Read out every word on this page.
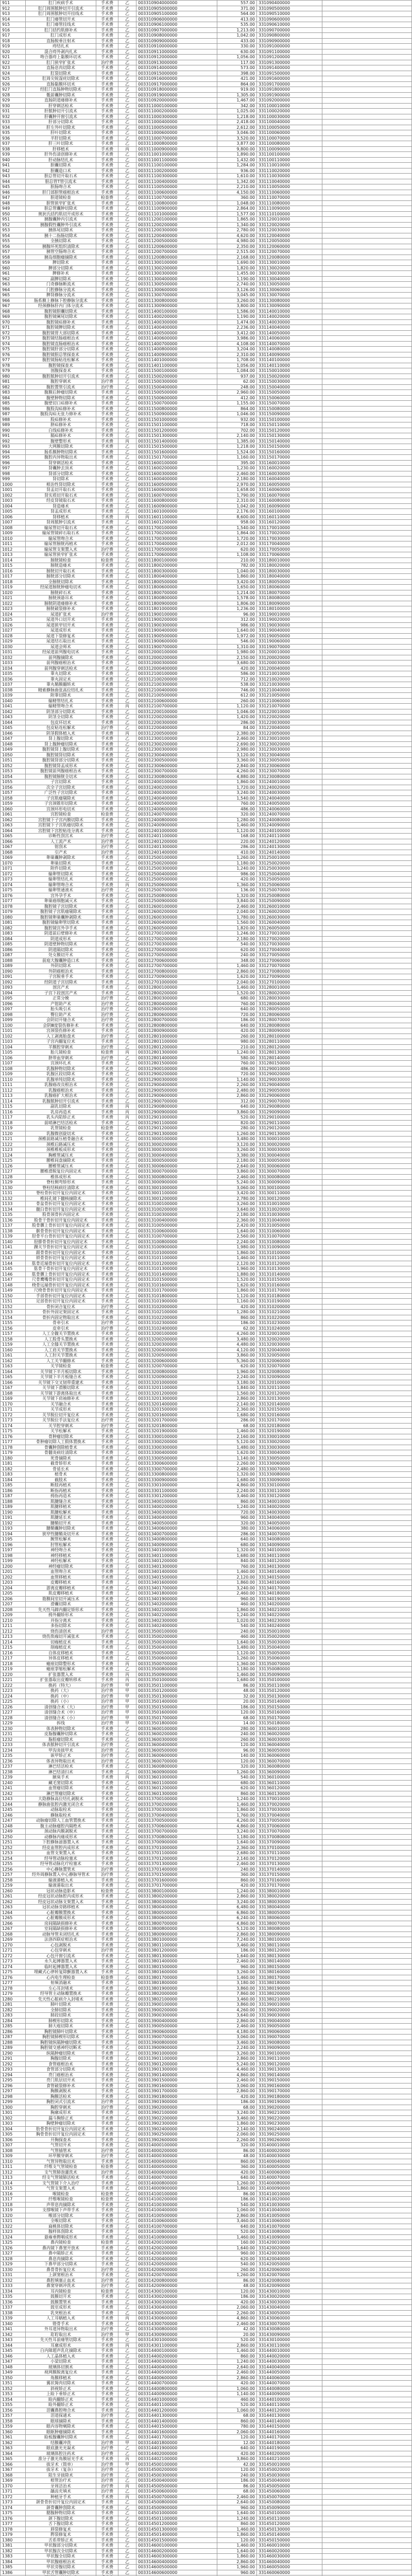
911	肛门疾病手术	手术费	乙	003310904000000	557.00	331090400000	
912	肛门周围脓肿切开引流术	手术费	乙	003310905000000	371.00	331090500000	
913	肛门周围脓肿切开挂线术	手术费	乙	003310905100000	564.00	331090510000	
914	肛门瘘管切开术	手术费	乙	003310906000000	413.00	331090600000	
915	肛门瘘管挂线术	手术费	乙	003310906100000	535.00	331090610000	
916	肛门括约肌修补术	手术费	乙	003310907000000	1,213.00	331090700000	
917	肛门成形术	手术费	乙	003310908000000	1,042.00	331090800000	
918	直肠脱垂注射术	手术费	乙	003310909000000	433.00	331090900000	
919	痔结扎术	手术费	乙	003310910000000	330.00	331091000000	
920	混合痔外剥内扎术	手术费	乙	003310911000000	630.00	331091100000	
921	吻合器痔上黏膜环切术	手术费	乙	003310912000000	1,056.00	331091200000	
922	肛门狭窄扩张术	治疗费	乙	003310913000000	117.00	331091300000	
923	直肠息肉切除术	手术费	乙	003310914000000	573.00	331091400000	
924	肛裂切除术	手术费	乙	003310915000000	398.00	331091500000	
925	肛周尖锐湿疣切除术	手术费	乙	003310916000000	421.00	331091600000	
926	直肠黏膜环切术	手术费	乙	003310917000000	864.00	331091700000	
927	经肛门直肠肿物切除术	手术费	乙	003310918000000	919.00	331091800000	
928	骶前囊肿切除术	手术费	乙	003310919000000	1,305.00	331091900000	
929	直肠阴道瘘修补术	手术费	乙	003310920000000	1,467.00	331092000000	
930	肝穿刺活检术	手术费	乙	003311000100000	342.00	331100010000	
931	肝脓肿切开引流术	手术费	乙	003311000200000	1,025.00	331100020000	
932	肝囊肿开窗引流术	手术费	乙	003311000300000	1,218.00	331100030000	
933	肝部分切除术	手术费	乙	003311000400000	2,418.00	331100040000	
934	肝左外叶切除术	手术费	乙	003311000500000	2,612.00	331100050000	
935	肝叶切除术	手术费	乙	003311000600000	3,046.00	331100060000	
936	半肝切除术	手术费	乙	003311000700000	3,520.00	331100070000	
937	肝三叶切除术	手术费	乙	003311000800000	3,877.00	331100080000	
938	肝移植术	手术费	丙	003311000900000	9,800.00	331100090000	
939	肝外伤清创修补术	手术费	乙	003311001000000	1,890.00	331100100000	
940	肝动脉结扎术	手术费	乙	003311001100000	1,432.00	331100110000	
941	胆囊切除术	手术费	乙	003311100100000	1,284.00	331110010000	
942	胆囊造口术	手术费	乙	003311100200000	936.00	331110020000	
943	胆总管切开取石术	手术费	乙	003311100300000	1,610.00	331110030000	
944	胆总管T管引流术	手术费	乙	003311100400000	1,342.00	331110040000	
945	胆肠吻合术	手术费	乙	003311100500000	2,210.00	331110050000	
946	肝门部胆管癌根治术	手术费	乙	003311100600000	4,150.00	331110060000	
947	胆道镜检查	检查费	乙	003311100700000	360.00	331110070000	
948	胆管狭窄扩张术	手术费	乙	003311100800000	1,048.00	331110080000	
949	胆总管囊肿切除术	手术费	乙	003311100900000	2,864.00	331110090000	
950	奥狄氏括约肌切开成形术	手术费	乙	003311101000000	1,577.00	331110100000	
951	胰腺囊肿内引流术	手术费	乙	003311200100000	1,865.00	331120010000	
952	胰腺假性囊肿外引流术	手术费	乙	003311200200000	1,340.00	331120020000	
953	胰体尾切除术	手术费	乙	003311200300000	2,780.00	331120030000	
954	胰十二指肠切除术	手术费	乙	003311200400000	4,620.00	331120040000	
955	全胰切除术	手术费	乙	003311200500000	4,980.00	331120050000	
956	胰腺坏死组织清除术	手术费	乙	003311200600000	2,350.00	331120060000	
957	胰管空肠吻合术	手术费	乙	003311200700000	2,515.00	331120070000	
958	胰岛细胞瘤摘除术	手术费	乙	003311200800000	2,168.00	331120080000	
959	脾切除术	手术费	乙	003311300100000	1,690.00	331130010000	
960	脾部分切除术	手术费	乙	003311300200000	1,820.00	331130020000	
961	脾修补术	手术费	乙	003311300300000	1,455.00	331130030000	
962	副脾切除术	手术费	乙	003311300400000	1,190.00	331130040000	
963	门奇静脉断流术	手术费	乙	003311300500000	2,740.00	331130050000	
964	门腔静脉分流术	手术费	乙	003311300600000	3,126.00	331130060000	
965	脾肾静脉分流术	手术费	乙	003311300700000	3,045.00	331130070000	
966	肠系膜上静脉下腔静脉分流术	手术费	乙	003311300800000	3,260.00	331130080000	
967	经颈静脉肝内门体分流术	手术费	乙	003311300900000	3,800.00	331130090000	
968	腹腔镜胆囊切除术	手术费	乙	003311400100000	1,586.00	331140010000	
969	腹腔镜阑尾切除术	手术费	乙	003311400200000	1,190.00	331140020000	
970	腹腔镜疝修补术	手术费	乙	003311400300000	1,474.00	331140030000	
971	腹腔镜脾切除术	手术费	乙	003311400400000	2,236.00	331140040000	
972	腹腔镜胃大部切除术	手术费	乙	003311400500000	3,412.00	331140050000	
973	腹腔镜结肠癌根治术	手术费	乙	003311400600000	3,986.00	331140060000	
974	腹腔镜直肠癌根治术	手术费	乙	003311400700000	4,108.00	331140070000	
975	腹腔镜肝部分切除术	手术费	乙	003311400800000	3,204.00	331140080000	
976	腹腔镜胆总管探查术	手术费	乙	003311400900000	2,310.00	331140090000	
977	腹腔镜肠粘连松解术	手术费	乙	003311401000000	1,708.00	331140100000	
978	腹腔镜探查术	手术费	乙	003311401100000	1,056.00	331140110000	
979	剖腹探查术	手术费	乙	003311500100000	1,084.00	331150010000	
980	腹腔脓肿切开引流术	手术费	乙	003311500200000	937.00	331150020000	
981	腹腔穿刺术	治疗费	乙	003311500300000	62.00	331150030000	
982	腹腔置管引流术	治疗费	乙	003311500400000	248.00	331150040000	
983	腹膜后肿瘤切除术	手术费	乙	003311500500000	2,960.00	331150050000	
984	腹壁肿物切除术	手术费	乙	003311500600000	412.00	331150060000	
985	腹壁切口疝修补术	手术费	乙	003311500700000	1,155.00	331150070000	
986	腹股沟疝修补术	手术费	乙	003311500800000	864.00	331150080000	
987	腹股沟疝无张力修补术	手术费	乙	003311500900000	1,046.00	331150090000	
988	股疝修补术	手术费	乙	003311501000000	932.00	331150100000	
989	脐疝修补术	手术费	乙	003311501100000	718.00	331150110000	
990	白线疝修补术	手术费	乙	003311501200000	702.00	331150120000	
991	膈疝修补术	手术费	乙	003311501300000	2,140.00	331150130000	
992	腹壁整形术	手术费	丙	003311501400000	1,385.00	331150140000	
993	大网膜切除术	手术费	乙	003311501500000	1,218.00	331150150000	
994	肠系膜肿物切除术	手术费	乙	003311501600000	1,524.00	331150160000	
995	腹腔内异物取出术	手术费	乙	003311501700000	1,160.00	331150170000	
996	肾穿刺活检术	手术费	乙	003311600100000	395.00	331160010000	
997	肾囊肿去顶术	手术费	乙	003311600200000	1,230.00	331160020000	
998	肾部分切除术	手术费	乙	003311600300000	2,460.00	331160030000	
999	肾切除术	手术费	乙	003311600400000	2,180.00	331160040000	
1000	根治性肾切除术	手术费	乙	003311600500000	2,970.00	331160050000	
1001	肾盂切开取石术	手术费	乙	003311600600000	1,658.00	331160060000	
1002	肾实质切开取石术	手术费	乙	003311600700000	1,790.00	331160070000	
1003	经皮肾镜取石术	手术费	乙	003311600800000	2,310.00	331160080000	
1004	肾造瘘术	手术费	乙	003311600900000	1,042.00	331160090000	
1005	肾盂成形术	手术费	乙	003311601000000	2,176.00	331160100000	
1006	肾移植术	手术费	丙	003311601100000	8,600.00	331160110000	
1007	肾周脓肿引流术	手术费	乙	003311601200000	958.00	331160120000	
1008	输尿管切开取石术	手术费	乙	003311700100000	1,540.00	331170010000	
1009	输尿管镜碎石取石术	手术费	乙	003311700200000	1,864.00	331170020000	
1010	输尿管吻合术	手术费	乙	003311700300000	1,720.00	331170030000	
1011	输尿管膀胱再植术	手术费	乙	003311700400000	2,012.00	331170040000	
1012	输尿管支架置入术	治疗费	乙	003311700500000	620.00	331170050000	
1013	输尿管狭窄扩张术	手术费	乙	003311700600000	1,108.00	331170060000	
1014	膀胱镜检查	检查费	乙	003311800100000	210.00	331180010000	
1015	膀胱造瘘术	手术费	乙	003311800200000	782.00	331180020000	
1016	膀胱切开取石术	手术费	乙	003311800300000	1,040.00	331180030000	
1017	膀胱部分切除术	手术费	乙	003311800400000	1,860.00	331180040000	
1018	全膀胱切除术	手术费	乙	003311800500000	3,420.00	331180050000	
1019	经尿道膀胱肿瘤电切术	手术费	乙	003311800600000	1,650.00	331180060000	
1020	膀胱碎石术	手术费	乙	003311800700000	1,214.00	331180070000	
1021	膀胱颈悬吊术	手术费	乙	003311800800000	1,578.00	331180080000	
1022	膀胱阴道瘘修补术	手术费	乙	003311800900000	1,806.00	331180090000	
1023	膀胱破裂修补术	手术费	乙	003311801000000	1,236.00	331180100000	
1024	尿道扩张术	治疗费	乙	003311900100000	96.00	331190010000	
1025	尿道外口切开术	手术费	乙	003311900200000	312.00	331190020000	
1026	尿道狭窄切开术	手术费	乙	003311900300000	986.00	331190030000	
1027	尿道成形术	手术费	乙	003311900400000	1,640.00	331190040000	
1028	尿道下裂修复术	手术费	乙	003311900500000	1,972.00	331190050000	
1029	尿道结石取出术	手术费	乙	003311900600000	546.00	331190060000	
1030	尿道会师术	手术费	乙	003311900700000	1,310.00	331190070000	
1031	经尿道前列腺电切术	手术费	乙	003312000100000	1,980.00	331200010000	
1032	前列腺摘除术	手术费	乙	003312000200000	2,150.00	331200020000	
1033	前列腺癌根治术	手术费	乙	003312000300000	3,680.00	331200030000	
1034	前列腺穿刺活检术	手术费	乙	003312000400000	420.00	331200040000	
1035	睾丸切除术	手术费	乙	003312100100000	586.00	331210010000	
1036	睾丸固定术	手术费	乙	003312100200000	712.00	331210020000	
1037	睾丸鞘膜翻转术	手术费	乙	003312100300000	538.00	331210030000	
1038	精索静脉曲张高位结扎术	手术费	乙	003312100400000	746.00	331210040000	
1039	附睾切除术	手术费	乙	003312100500000	612.00	331210050000	
1040	输精管结扎术	手术费	乙	003312100600000	260.00	331210060000	
1041	输精管吻合术	手术费	丙	003312100700000	1,120.00	331210070000	
1042	阴茎部分切除术	手术费	乙	003312200100000	1,046.00	331220010000	
1043	阴茎全切除术	手术费	乙	003312200200000	1,420.00	331220020000	
1044	包皮环切术	手术费	乙	003312200300000	286.00	331220030000	
1045	包皮粘连松解术	治疗费	乙	003312200400000	84.00	331220040000	
1046	阴茎假体植入术	手术费	丙	003312200500000	2,380.00	331220050000	
1047	肾上腺切除术	手术费	乙	003312300100000	2,460.00	331230010000	
1048	肾上腺肿瘤切除术	手术费	乙	003312300200000	2,690.00	331230020000	
1049	腹腔镜肾上腺切除术	手术费	乙	003312300300000	2,980.00	331230030000	
1050	腹腔镜肾切除术	手术费	乙	003312300400000	3,120.00	331230040000	
1051	腹腔镜肾部分切除术	手术费	乙	003312300500000	3,360.00	331230050000	
1052	腹腔镜肾盂成形术	手术费	乙	003312300600000	2,840.00	331230060000	
1053	腹腔镜前列腺癌根治术	手术费	乙	003312300700000	4,260.00	331230070000	
1054	腹腔镜膀胱全切术	手术费	乙	003312300800000	4,880.00	331230080000	
1055	子宫切除术	手术费	乙	003312400100000	1,860.00	331240010000	
1056	次全子宫切除术	手术费	乙	003312400200000	1,720.00	331240020000	
1057	广泛性子宫切除术	手术费	乙	003312400300000	3,240.00	331240030000	
1058	子宫肌瘤剔除术	手术费	乙	003312400400000	1,540.00	331240040000	
1059	子宫颈锥形切除术	手术费	乙	003312400500000	760.00	331240050000	
1060	宫颈环形电切术	手术费	乙	003312400600000	486.00	331240060000	
1061	宫腔镜检查	检查费	乙	003312400700000	320.00	331240070000	
1062	宫腔镜下子宫内膜切除术	手术费	乙	003312400800000	1,280.00	331240080000	
1063	宫腔镜下子宫肌瘤切除术	手术费	乙	003312400900000	1,460.00	331240090000	
1064	宫腔镜下宫腔粘连分离术	手术费	乙	003312401000000	1,120.00	331240100000	
1065	诊断性刮宫术	治疗费	乙	003312401100000	168.00	331240110000	
1066	人工流产术	治疗费	乙	003312401200000	220.00	331240120000	
1067	钳刮术	治疗费	乙	003312401300000	286.00	331240130000	
1068	引产术	治疗费	乙	003312401400000	410.00	331240140000	
1069	卵巢囊肿剥除术	手术费	乙	003312500100000	1,260.00	331250010000	
1070	卵巢切除术	手术费	乙	003312500200000	1,180.00	331250020000	
1071	附件切除术	手术费	乙	003312500300000	1,240.00	331250030000	
1072	输卵管切除术	手术费	乙	003312500400000	986.00	331250040000	
1073	输卵管结扎术	手术费	乙	003312500500000	420.00	331250050000	
1074	输卵管吻合术	手术费	丙	003312500600000	1,360.00	331250060000	
1075	输卵管通液术	治疗费	乙	003312500700000	136.00	331250070000	
1076	宫外孕手术	手术费	乙	003312500800000	1,320.00	331250080000	
1077	卵巢癌细胞减灭术	手术费	乙	003312500900000	3,840.00	331250090000	
1078	腹腔镜子宫切除术	手术费	乙	003312600100000	2,460.00	331260010000	
1079	腹腔镜子宫肌瘤剔除术	手术费	乙	003312600200000	2,040.00	331260020000	
1080	腹腔镜卵巢囊肿剥除术	手术费	乙	003312600300000	1,780.00	331260030000	
1081	腹腔镜输卵管切除术	手术费	乙	003312600400000	1,560.00	331260040000	
1082	腹腔镜宫外孕手术	手术费	乙	003312600500000	1,820.00	331260050000	
1083	阴道前后壁修补术	手术费	乙	003312700100000	1,246.00	331270010000	
1084	阴道成形术	手术费	乙	003312700200000	2,180.00	331270020000	
1085	阴道壁肿物切除术	手术费	乙	003312700300000	540.00	331270030000	
1086	阴道隔切除术	手术费	乙	003312700400000	620.00	331270040000	
1087	处女膜切开术	手术费	乙	003312700500000	240.00	331270050000	
1088	前庭大腺囊肿造口术	手术费	乙	003312700600000	348.00	331270060000	
1089	外阴切除术	手术费	乙	003312700700000	1,460.00	331270070000	
1090	外阴癌根治术	手术费	乙	003312700800000	2,860.00	331270080000	
1091	子宫脱垂手术	手术费	乙	003312700900000	1,620.00	331270090000	
1092	经阴道子宫切除术	手术费	乙	003312701000000	2,040.00	331270100000	
1093	剖宫产术	手术费	乙	003312800100000	1,460.00	331280010000	
1094	子宫下段剖宫产术	手术费	乙	003312800200000	1,520.00	331280020000	
1095	正常分娩	治疗费	乙	003312800300000	680.00	331280030000	
1096	产钳助产术	治疗费	乙	003312800400000	760.00	331280040000	
1097	胎头吸引术	治疗费	乙	003312800500000	640.00	331280050000	
1098	臀位助产术	治疗费	乙	003312800600000	720.00	331280060000	
1099	会阴切开缝合术	治疗费	乙	003312800700000	186.00	331280070000	
1100	会阴Ⅲ度裂伤修补术	手术费	乙	003312800800000	640.00	331280080000	
1101	宫颈裂伤修补术	手术费	乙	003312800900000	420.00	331280090000	
1102	人工剥离胎盘术	治疗费	乙	003312801000000	260.00	331280100000	
1103	子宫内翻复位术	手术费	乙	003312801100000	980.00	331280110000	
1104	羊膜腔穿刺术	治疗费	乙	003312801200000	210.00	331280120000	
1105	胎儿镜检查	检查费	丙	003312801300000	1,240.00	331280130000	
1106	脐带血穿刺术	治疗费	乙	003312801400000	580.00	331280140000	
1107	宫颈环扎术	手术费	乙	003312801500000	760.00	331280150000	
1108	乳腺肿物切除术	手术费	乙	003312900100000	486.00	331290010000	
1109	乳腺区段切除术	手术费	乙	003312900200000	720.00	331290020000	
1110	乳腺单纯切除术	手术费	乙	003312900300000	1,140.00	331290030000	
1111	乳腺癌改良根治术	手术费	乙	003312900400000	2,260.00	331290040000	
1112	乳腺癌根治术	手术费	乙	003312900500000	2,480.00	331290050000	
1113	乳腺癌扩大根治术	手术费	乙	003312900600000	2,860.00	331290060000	
1114	乳腺脓肿切开引流术	手术费	乙	003312900700000	312.00	331290070000	
1115	副乳切除术	手术费	丙	003312900800000	640.00	331290080000	
1116	乳房再造术	手术费	丙	003312900900000	3,860.00	331290090000	
1117	乳头内陷矫正术	手术费	丙	003312901000000	520.00	331290100000	
1118	前哨淋巴结活检术	手术费	乙	003312901100000	820.00	331290110000	
1119	乳管镜检查	检查费	乙	003312901200000	280.00	331290120000	
1120	乳腺微创旋切术	手术费	乙	003312901300000	1,260.00	331290130000	
1121	颈椎前路减压植骨融合术	手术费	乙	003313000100000	3,480.00	331300010000	
1122	颈椎后路减压术	手术费	乙	003313000200000	3,120.00	331300020000	
1123	颈椎椎板成形术	手术费	乙	003313000300000	3,260.00	331300030000	
1124	胸椎管减压术	手术费	乙	003313000400000	3,380.00	331300040000	
1125	腰椎间盘摘除术	手术费	乙	003313000500000	2,180.00	331300050000	
1126	腰椎管减压术	手术费	乙	003313000600000	2,640.00	331300060000	
1127	腰椎滑脱复位内固定术	手术费	乙	003313000700000	3,860.00	331300070000	
1128	椎体成形术	手术费	乙	003313000800000	2,460.00	331300080000	
1129	脊柱侧弯矫形术	手术费	乙	003313000900000	5,240.00	331300090000	
1130	脊柱结核病灶清除术	手术费	乙	003313001000000	3,060.00	331300100000	
1131	脊柱骨折切开复位内固定术	手术费	乙	003313001100000	3,420.00	331300110000	
1132	椎间孔镜下髓核摘除术	手术费	乙	003313001200000	2,780.00	331300120000	
1133	骨盆骨折切开复位内固定术	手术费	乙	003313100100000	3,260.00	331310010000	
1134	髋臼骨折切开复位内固定术	手术费	乙	003313100200000	3,640.00	331310020000	
1135	股骨颈骨折内固定术	手术费	乙	003313100300000	2,180.00	331310030000	
1136	股骨干骨折切开复位内固定术	手术费	乙	003313100400000	2,360.00	331310040000	
1137	股骨髁上骨折切开复位内固定术	手术费	乙	003313100500000	2,420.00	331310050000	
1138	髌骨骨折切开复位内固定术	手术费	乙	003313100600000	1,640.00	331310060000	
1139	胫骨平台骨折切开复位内固定术	手术费	乙	003313100700000	2,560.00	331310070000	
1140	胫腓骨骨折切开复位内固定术	手术费	乙	003313100800000	2,240.00	331310080000	
1141	踝关节骨折切开复位内固定术	手术费	乙	003313100900000	1,980.00	331310090000	
1142	跟骨骨折切开复位内固定术	手术费	乙	003313101000000	1,860.00	331310100000	
1143	锁骨骨折切开复位内固定术	手术费	乙	003313101100000	1,460.00	331310110000	
1144	肱骨近端骨折切开复位内固定术	手术费	乙	003313101200000	2,120.00	331310120000	
1145	肱骨干骨折切开复位内固定术	手术费	乙	003313101300000	1,960.00	331310130000	
1146	肱骨髁上骨折切开复位内固定术	手术费	乙	003313101400000	1,880.00	331310140000	
1147	尺骨鹰嘴骨折切开复位内固定术	手术费	乙	003313101500000	1,520.00	331310150000	
1148	桡骨远端骨折切开复位内固定术	手术费	乙	003313101600000	1,620.00	331310160000	
1149	尺桡骨骨折切开复位内固定术	手术费	乙	003313101700000	1,860.00	331310170000	
1150	手部骨折切开复位内固定术	手术费	乙	003313101800000	1,120.00	331310180000	
1151	足部骨折切开复位内固定术	手术费	乙	003313101900000	1,160.00	331310190000	
1152	骨折闭合复位术	治疗费	乙	003313102000000	420.00	331310200000	
1153	骨折外固定架固定术	手术费	乙	003313102100000	1,280.00	331310210000	
1154	骨折内固定物取出术	手术费	乙	003313102200000	860.00	331310220000	
1155	骨牵引术	治疗费	乙	003313102300000	186.00	331310230000	
1156	皮牵引术	治疗费	乙	003313102400000	62.00	331310240000	
1157	人工全髋关节置换术	手术费	乙	003313200100000	4,260.00	331320010000	
1158	人工股骨头置换术	手术费	乙	003313200200000	3,480.00	331320020000	
1159	人工全膝关节置换术	手术费	乙	003313200300000	4,480.00	331320030000	
1160	人工肩关节置换术	手术费	乙	003313200400000	4,120.00	331320040000	
1161	人工肘关节置换术	手术费	乙	003313200500000	3,860.00	331320050000	
1162	人工关节翻修术	手术费	乙	003313200600000	5,360.00	331320060000	
1163	关节镜检查	检查费	乙	003313200700000	620.00	331320070000	
1164	关节镜下半月板切除术	手术费	乙	003313200800000	1,960.00	331320080000	
1165	关节镜下半月板缝合术	手术费	乙	003313200900000	2,240.00	331320090000	
1166	关节镜下交叉韧带重建术	手术费	乙	003313201000000	3,180.00	331320100000	
1167	关节镜下滑膜切除术	手术费	乙	003313201100000	1,840.00	331320110000	
1168	关节镜下游离体取出术	手术费	乙	003313201200000	1,560.00	331320120000	
1169	关节镜下肩袖修补术	手术费	乙	003313201300000	2,860.00	331320130000	
1170	关节融合术	手术费	乙	003313201400000	2,140.00	331320140000	
1171	关节成形术	手术费	乙	003313201500000	2,360.00	331320150000	
1172	关节脱位切开复位术	手术费	乙	003313201600000	1,680.00	331320160000	
1173	关节脱位手法复位术	治疗费	乙	003313201700000	286.00	331320170000	
1174	关节腔穿刺术	治疗费	乙	003313201800000	68.00	331320180000	
1175	关节松解术	手术费	乙	003313201900000	1,460.00	331320190000	
1176	骨肿瘤切除术	手术费	乙	003313300100000	2,160.00	331330010000	
1177	骨肿瘤切除人工假体置换术	手术费	乙	003313300200000	5,120.00	331330020000	
1178	骨囊肿刮除植骨术	手术费	乙	003313300300000	1,480.00	331330030000	
1179	骨髓炎病灶清除术	手术费	乙	003313300400000	1,620.00	331330040000	
1180	死骨摘除术	手术费	乙	003313300500000	1,140.00	331330050000	
1181	截骨矫形术	手术费	乙	003313300600000	2,260.00	331330060000	
1182	骨延长术	手术费	乙	003313300700000	2,480.00	331330070000	
1183	植骨术	手术费	乙	003313300800000	1,320.00	331330080000	
1184	截肢术	手术费	乙	003313300900000	1,680.00	331330090000	
1185	断肢再植术	手术费	乙	003313301000000	4,860.00	331330100000	
1186	断指再植术	手术费	乙	003313301100000	2,240.00	331330110000	
1187	拇指再造术	手术费	乙	003313301200000	3,460.00	331330120000	
1188	肌腱缝合术	手术费	乙	003313400100000	860.00	331340010000	
1189	肌腱移植术	手术费	乙	003313400200000	1,240.00	331340020000	
1190	肌腱松解术	手术费	乙	003313400300000	720.00	331340030000	
1191	肌腱延长术	手术费	乙	003313400400000	960.00	331340040000	
1192	腱鞘切开术	手术费	乙	003313400500000	320.00	331340050000	
1193	腱鞘囊肿切除术	手术费	乙	003313400600000	380.00	331340060000	
1194	狭窄性腱鞘炎切开术	手术费	乙	003313400700000	286.00	331340070000	
1195	腕管松解术	手术费	乙	003313400800000	640.00	331340080000	
1196	肘管松解术	手术费	乙	003313400900000	680.00	331340090000	
1197	神经吻合术	手术费	乙	003313401000000	1,320.00	331340100000	
1198	神经移植术	手术费	乙	003313401100000	1,680.00	331340110000	
1199	神经松解术	手术费	乙	003313401200000	840.00	331340120000	
1200	神经瘤切除术	手术费	乙	003313401300000	760.00	331340130000	
1201	血管吻合术	手术费	乙	003313401400000	1,460.00	331340140000	
1202	血管移植术	手术费	乙	003313401500000	2,120.00	331340150000	
1203	皮瓣移植术	手术费	乙	003313401600000	1,860.00	331340160000	
1204	游离皮瓣移植术	手术费	乙	003313401700000	3,240.00	331340170000	
1205	肌皮瓣移植术	手术费	乙	003313401800000	2,460.00	331340180000	
1206	筋膜间室切开减压术	手术费	乙	003313401900000	960.00	331340190000	
1207	滑囊切除术	手术费	乙	003313402000000	460.00	331340200000	
1208	先天性马蹄内翻足矫形术	手术费	乙	003313402100000	1,860.00	331340210000	
1209	拇外翻矫形术	手术费	乙	003313402200000	1,240.00	331340220000	
1210	并指分离术	手术费	乙	003313402300000	1,020.00	331340230000	
1211	多指切除术	手术费	乙	003313402400000	540.00	331340240000	
1212	烧伤清创术	治疗费	乙	003313500100000	240.00	331350010000	
1213	烧伤焦痂切开减张术	手术费	乙	003313500200000	460.00	331350020000	
1214	切痂植皮术	手术费	乙	003313500300000	1,640.00	331350030000	
1215	削痂植皮术	手术费	乙	003313500400000	1,480.00	331350040000	
1216	自体皮移植术	手术费	乙	003313500500000	1,120.00	331350050000	
1217	异体皮移植术	手术费	乙	003313500600000	1,260.00	331350060000	
1218	瘢痕切除整形术	手术费	丙	003313500700000	1,360.00	331350070000	
1219	瘢痕挛缩松解术	手术费	乙	003313500800000	1,180.00	331350080000	
1220	扩张器置入术	手术费	丙	003313500900000	1,460.00	331350090000	
1221	扩张器取出皮瓣转移术	手术费	丙	003313501000000	1,680.00	331350100000	
1222	换药（特大）	治疗费	甲	003313501100000	86.00	331350110000	
1223	换药（大）	治疗费	甲	003313501200000	48.00	331350120000	
1224	换药（中）	治疗费	甲	003313501300000	32.00	331350130000	
1225	换药（小）	治疗费	甲	003313501400000	20.00	331350140000	
1226	清创缝合术（大）	治疗费	甲	003313501500000	186.00	331350150000	
1227	清创缝合术（中）	治疗费	甲	003313501600000	120.00	331350160000	
1228	清创缝合术（小）	治疗费	甲	003313501700000	68.00	331350170000	
1229	拆线	治疗费	甲	003313501800000	14.00	331350180000	
1230	体表肿物切除术	手术费	乙	003313600100000	280.00	331360010000	
1231	皮脂腺囊肿切除术	手术费	乙	003313600200000	240.00	331360020000	
1232	脂肪瘤切除术	手术费	乙	003313600300000	260.00	331360030000	
1233	体表脓肿切开引流术	治疗费	乙	003313600400000	120.00	331360040000	
1234	甲沟炎拔甲术	治疗费	乙	003313600500000	96.00	331360050000	
1235	嵌甲矫正术	治疗费	乙	003313600600000	140.00	331360060000	
1236	体表异物取出术	治疗费	乙	003313600700000	120.00	331360070000	
1237	淋巴结活检术	手术费	乙	003313600800000	320.00	331360080000	
1238	淋巴结清扫术	手术费	乙	003313600900000	1,260.00	331360090000	
1239	腋臭手术	手术费	丙	003313601000000	540.00	331360100000	
1240	藏毛窦切除术	手术费	乙	003313601100000	680.00	331360110000	
1241	血管瘤切除术	手术费	乙	003313601200000	620.00	331360120000	
1242	淋巴管瘤切除术	手术费	乙	003313601300000	860.00	331360130000	
1243	大隐静脉高位结扎剥脱术	手术费	乙	003313700100000	1,240.00	331370010000	
1244	静脉曲张腔内激光闭合术	手术费	乙	003313700200000	1,460.00	331370020000	
1245	动脉取栓术	手术费	乙	003313700300000	1,860.00	331370030000	
1246	静脉取栓术	手术费	乙	003313700400000	1,760.00	331370040000	
1247	动脉瘤切除人工血管置换术	手术费	乙	003313700500000	4,260.00	331370050000	
1248	腹主动脉瘤腔内隔绝术	手术费	乙	003313700600000	4,860.00	331370060000	
1249	颈动脉内膜剥脱术	手术费	乙	003313700700000	3,240.00	331370070000	
1250	动静脉内瘘成形术	手术费	乙	003313700800000	1,180.00	331370080000	
1251	下腔静脉滤器置入术	手术费	乙	003313700900000	1,640.00	331370090000	
1252	经皮血管腔内成形术	手术费	乙	003313701000000	2,360.00	331370100000	
1253	血管支架置入术	手术费	乙	003313701100000	2,680.00	331370110000	
1254	经导管动脉栓塞术	手术费	乙	003313701200000	2,140.00	331370120000	
1255	经导管动脉化疗栓塞术	手术费	乙	003313701300000	2,460.00	331370130000	
1256	中心静脉置管术	治疗费	乙	003313701400000	240.00	331370140000	
1257	经外周静脉置入中心静脉导管术	治疗费	乙	003313701500000	360.00	331370150000	
1258	输液港植入术	手术费	乙	003313701600000	860.00	331370160000	
1259	输液港取出术	手术费	乙	003313701700000	420.00	331370170000	
1260	冠状动脉造影术	检查费	乙	003313800100000	1,240.00	331380010000	
1261	经皮冠状动脉腔内成形术	手术费	乙	003313800200000	2,860.00	331380020000	
1262	经皮冠状动脉支架置入术	手术费	乙	003313800300000	3,240.00	331380030000	
1263	冠状动脉旁路移植术	手术费	乙	003313800400000	6,480.00	331380040000	
1264	心脏瓣膜置换术	手术费	乙	003313800500000	6,860.00	331380050000	
1265	心脏瓣膜成形术	手术费	乙	003313800600000	6,240.00	331380060000	
1266	房间隔缺损修补术	手术费	乙	003313800700000	4,860.00	331380070000	
1267	室间隔缺损修补术	手术费	乙	003313800800000	5,120.00	331380080000	
1268	动脉导管未闭结扎术	手术费	乙	003313800900000	2,860.00	331380090000	
1269	法洛四联症根治术	手术费	乙	003313801000000	7,240.00	331380100000	
1270	心包剥脱术	手术费	乙	003313801100000	3,460.00	331380110000	
1271	心包穿刺术	治疗费	乙	003313801200000	186.00	331380120000	
1272	心包开窗引流术	手术费	乙	003313801300000	1,640.00	331380130000	
1273	永久起搏器置入术	手术费	乙	003313801400000	2,460.00	331380140000	
1274	临时起搏器置入术	手术费	乙	003313801500000	960.00	331380150000	
1275	埋藏式心律转复除颤器置入术	手术费	乙	003313801600000	3,260.00	331380160000	
1276	心内电生理检查	检查费	乙	003313801700000	1,460.00	331380170000	
1277	射频消融术	手术费	乙	003313801800000	3,180.00	331380180000	
1278	左心耳封堵术	手术费	乙	003313801900000	3,860.00	331380190000	
1279	经导管主动脉瓣置换术	手术费	乙	003313802000000	7,860.00	331380200000	
1280	先天性心脏病介入封堵术	手术费	乙	003313802100000	3,460.00	331380210000	
1281	肺叶切除术	手术费	乙	003313900100000	3,860.00	331390010000	
1282	全肺切除术	手术费	乙	003313900200000	4,260.00	331390020000	
1283	肺段切除术	手术费	乙	003313900300000	3,640.00	331390030000	
1284	肺楔形切除术	手术费	乙	003313900400000	2,860.00	331390040000	
1285	肺大疱切除术	手术费	乙	003313900500000	2,460.00	331390050000	
1286	胸腔镜肺叶切除术	手术费	乙	003313900600000	4,180.00	331390060000	
1287	胸腔镜肺楔形切除术	手术费	乙	003313900700000	3,060.00	331390070000	
1288	胸腔镜纵隔肿瘤切除术	手术费	乙	003313900800000	3,460.00	331390080000	
1289	胸腔镜交感神经切断术	手术费	乙	003313900900000	2,240.00	331390090000	
1290	纵隔肿瘤切除术	手术费	乙	003313901000000	3,260.00	331390100000	
1291	胸腺切除术	手术费	乙	003313901100000	2,860.00	331390110000	
1292	食管癌根治术	手术费	乙	003313901200000	5,240.00	331390120000	
1293	食管部分切除术	手术费	乙	003313901300000	4,460.00	331390130000	
1294	贲门癌根治术	手术费	乙	003313901400000	4,860.00	331390140000	
1295	贲门肌层切开术	手术费	乙	003313901500000	2,460.00	331390150000	
1296	食管破裂修补术	手术费	乙	003313901600000	3,060.00	331390160000	
1297	胸膜剥脱术	手术费	乙	003313901700000	2,860.00	331390170000	
1298	胸膜活检术	手术费	乙	003313901800000	420.00	331390180000	
1299	胸腔闭式引流术	治疗费	乙	003313901900000	186.00	331390190000	
1300	胸腔穿刺术	治疗费	乙	003313902000000	68.00	331390200000	
1301	胸廓成形术	手术费	乙	003313902100000	3,240.00	331390210000	
1302	漏斗胸矫正术	手术费	乙	003313902200000	3,460.00	331390220000	
1303	胸壁肿瘤切除术	手术费	乙	003313902300000	1,860.00	331390230000	
1304	肋骨骨折切开复位内固定术	手术费	乙	003313902400000	2,140.00	331390240000	
1305	胸骨骨折切开复位内固定术	手术费	乙	003313902500000	2,060.00	331390250000	
1306	开胸探查术	手术费	乙	003313902600000	2,260.00	331390260000	
1307	气管切开术	手术费	乙	003314000100000	320.00	331400010000	
1308	气管插管术	治疗费	乙	003314000200000	86.00	331400020000	
1309	环甲膜穿刺术	治疗费	乙	003314000300000	48.00	331400030000	
1310	气管异物取出术	手术费	乙	003314000400000	860.00	331400040000	
1311	纤维支气管镜检查	检查费	乙	003314000500000	360.00	331400050000	
1312	支气管肺泡灌洗术	治疗费	乙	003314000600000	420.00	331400060000	
1313	经支气管镜肺活检术	手术费	乙	003314000700000	640.00	331400070000	
1314	支气管镜下介入治疗	手术费	乙	003314000800000	1,260.00	331400080000	
1315	气管支架置入术	手术费	乙	003314000900000	1,860.00	331400090000	
1316	喉镜检查	检查费	乙	003314100100000	86.00	331410010000	
1317	纤维喉镜检查	检查费	乙	003314100200000	186.00	331410020000	
1318	声带息肉摘除术	手术费	乙	003314100300000	540.00	331410030000	
1319	支撑喉镜下声带手术	手术费	乙	003314100400000	1,060.00	331410040000	
1320	喉部分切除术	手术费	乙	003314100500000	2,860.00	331410050000	
1321	全喉切除术	手术费	乙	003314100600000	3,460.00	331410060000	
1322	扁桃体切除术	手术费	乙	003314100700000	640.00	331410070000	
1323	腺样体刮除术	手术费	乙	003314100800000	520.00	331410080000	
1324	悬雍垂腭咽成形术	手术费	乙	003314100900000	1,460.00	331410090000	
1325	鼻内镜检查	检查费	乙	003314200100000	160.00	331420010000	
1326	鼻内镜下鼻窦开放术	手术费	乙	003314200200000	1,640.00	331420020000	
1327	鼻中隔矫正术	手术费	乙	003314200300000	960.00	331420030000	
1328	鼻息肉摘除术	手术费	乙	003314200400000	620.00	331420040000	
1329	下鼻甲部分切除术	手术费	乙	003314200500000	540.00	331420050000	
1330	鼻骨骨折复位术	治疗费	乙	003314200600000	260.00	331420060000	
1331	上颌窦根治术	手术费	乙	003314200700000	1,260.00	331420070000	
1332	鼻腔填塞止血术	治疗费	乙	003314200800000	86.00	331420080000	
1333	鼻窦穿刺冲洗术	治疗费	乙	003314200900000	48.00	331420090000	
1334	耳内镜检查	检查费	乙	003314300100000	120.00	331430010000	
1335	鼓膜切开术	手术费	乙	003314300200000	186.00	331430020000	
1336	鼓膜置管术	手术费	乙	003314300300000	420.00	331430030000	
1337	鼓室成形术	手术费	乙	003314300400000	2,060.00	331430040000	
1338	乳突根治术	手术费	乙	003314300500000	2,260.00	331430050000	
1339	人工耳蜗植入术	手术费	丙	003314300600000	4,860.00	331430060000	
1340	镫骨手术	手术费	乙	003314300700000	2,460.00	331430070000	
1341	外耳道异物取出术	治疗费	乙	003314300800000	42.00	331430080000	
1342	耵聍取出术	治疗费	甲	003314300900000	20.00	331430090000	
1343	先天性耳前瘘管切除术	手术费	乙	003314301000000	520.00	331430100000	
1344	耳廓成形术	手术费	丙	003314301100000	2,860.00	331430110000	
1345	白内障超声乳化摘除术	手术费	乙	003314400100000	1,460.00	331440010000	
1346	人工晶体植入术	手术费	乙	003314400200000	860.00	331440020000	
1347	小梁切除术	手术费	乙	003314400300000	1,240.00	331440030000	
1348	玻璃体切割术	手术费	乙	003314400400000	2,640.00	331440040000	
1349	视网膜脱离复位术	手术费	乙	003314400500000	2,460.00	331440050000	
1350	角膜移植术	手术费	乙	003314400600000	2,860.00	331440060000	
1351	翼状胬肉切除术	手术费	乙	003314400700000	420.00	331440070000	
1352	斜视矫正术	手术费	乙	003314400800000	1,060.00	331440080000	
1353	上睑下垂矫正术	手术费	乙	003314400900000	1,140.00	331440090000	
1354	睑内翻矫正术	手术费	乙	003314401000000	460.00	331440100000	
1355	睑外翻矫正术	手术费	乙	003314401100000	520.00	331440110000	
1356	泪囊鼻腔吻合术	手术费	乙	003314401200000	1,060.00	331440120000	
1357	泪道探通术	治疗费	乙	003314401300000	68.00	331440130000	
1358	眼球摘除术	手术费	乙	003314401400000	860.00	331440140000	
1359	眼内容物剜除术	手术费	乙	003314401500000	780.00	331440150000	
1360	眼眶肿瘤摘除术	手术费	乙	003314401600000	2,060.00	331440160000	
1361	睑板腺囊肿切除术	手术费	乙	003314401700000	120.00	331440170000	
1362	结膜囊冲洗	治疗费	甲	003314401800000	12.00	331440180000	
1363	眼底激光光凝术	治疗费	乙	003314401900000	640.00	331440190000	
1364	玻璃体腔注药术	治疗费	乙	003314402000000	420.00	331440200000	
1365	准分子激光角膜屈光手术	手术费	丙	003314402100000	3,860.00	331440210000	
1366	拔牙术（简单）	治疗费	甲	003314500100000	42.00	331450010000	
1367	拔牙术（复杂）	治疗费	乙	003314500200000	120.00	331450020000	
1368	阻生牙拔除术	治疗费	乙	003314500300000	240.00	331450030000	
1369	根管治疗术	治疗费	乙	003314500400000	186.00	331450040000	
1370	牙周洁治术	治疗费	丙	003314500500000	86.00	331450050000	
1371	龋齿充填术	治疗费	乙	003314500600000	68.00	331450060000	
1372	种植牙手术	手术费	丙	003314500700000	2,460.00	331450070000	
1373	颌骨骨折切开复位内固定术	手术费	乙	003314500800000	2,640.00	331450080000	
1374	颌骨囊肿刮除术	手术费	乙	003314500900000	960.00	331450090000	
1375	腮腺肿物切除术	手术费	乙	003314501000000	1,640.00	331450100000	
1376	颌下腺切除术	手术费	乙	003314501100000	1,240.00	331450110000	
1377	舌下腺切除术	手术费	乙	003314501200000	860.00	331450120000	
1378	唇裂修复术	手术费	乙	003314501300000	1,460.00	331450130000	
1379	腭裂修复术	手术费	乙	003314501400000	1,860.00	331450140000	
1380	舌系带矫正术	手术费	乙	003314501500000	120.00	331450150000	
1381	甲状腺部分切除术	手术费	乙	003314600100000	1,460.00	331460010000	
1382	甲状腺次全切除术	手术费	乙	003314600200000	1,640.00	331460020000	
1383	甲状腺全切除术	手术费	乙	003314600300000	1,860.00	331460030000	
1384	甲状腺癌根治术	手术费	乙	003314600400000	2,860.00	331460040000	
1385	甲状旁腺切除术	手术费	乙	003314600500000	1,960.00	331460050000	
1386	甲状舌管囊肿切除术	手术费	乙	003314600600000	960.00	331460060000	
